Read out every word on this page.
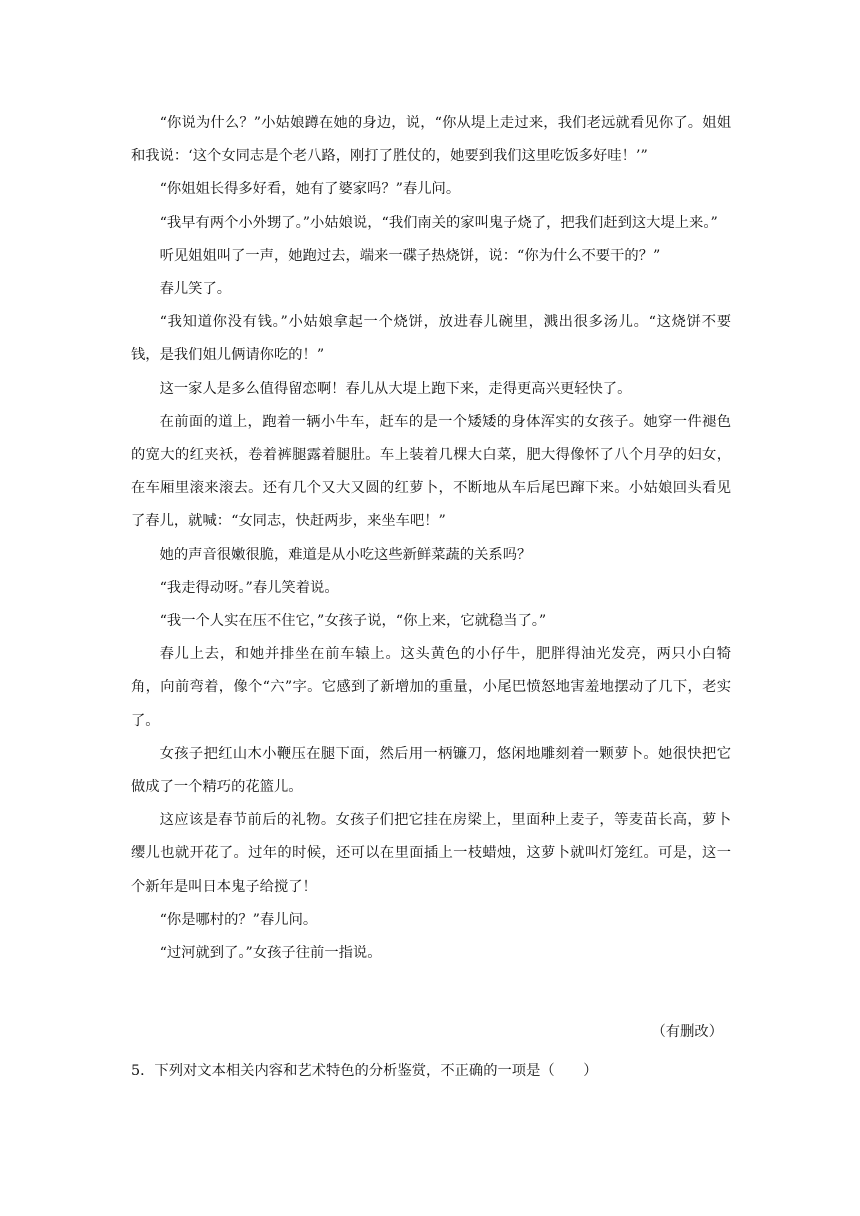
“你说为什么？”小姑娘蹲在她的身边，说，“你从堤上走过来，我们老远就看见你了。姐姐和我说：‘这个女同志是个老八路，刚打了胜仗的，她要到我们这里吃饭多好哇！’”

“你姐姐长得多好看，她有了婆家吗？”春儿问。

“我早有两个小外甥了。”小姑娘说，“我们南关的家叫鬼子烧了，把我们赶到这大堤上来。”

听见姐姐叫了一声，她跑过去，端来一碟子热烧饼，说：“你为什么不要干的？”

春儿笑了。

“我知道你没有钱。”小姑娘拿起一个烧饼，放进春儿碗里，溅出很多汤儿。“这烧饼不要钱，是我们姐儿俩请你吃的！”

这一家人是多么值得留恋啊！春儿从大堤上跑下来，走得更高兴更轻快了。

在前面的道上，跑着一辆小牛车，赶车的是一个矮矮的身体浑实的女孩子。她穿一件褪色的宽大的红夹袄，卷着裤腿露着腿肚。车上装着几棵大白菜，肥大得像怀了八个月孕的妇女，在车厢里滚来滚去。还有几个又大又圆的红萝卜，不断地从车后尾巴蹿下来。小姑娘回头看见了春儿，就喊：“女同志，快赶两步，来坐车吧！”

她的声音很嫩很脆，难道是从小吃这些新鲜菜蔬的关系吗？

“我走得动呀。”春儿笑着说。

“我一个人实在压不住它，”女孩子说，“你上来，它就稳当了。”

春儿上去，和她并排坐在前车辕上。这头黄色的小仔牛，肥胖得油光发亮，两只小白犄角，向前弯着，像个“六”字。它感到了新增加的重量，小尾巴愤怒地害羞地摆动了几下，老实了。

女孩子把红山木小鞭压在腿下面，然后用一柄镰刀，悠闲地雕刻着一颗萝卜。她很快把它做成了一个精巧的花篮儿。

这应该是春节前后的礼物。女孩子们把它挂在房梁上，里面种上麦子，等麦苗长高，萝卜缨儿也就开花了。过年的时候，还可以在里面插上一枝蜡烛，这萝卜就叫灯笼红。可是，这一个新年是叫日本鬼子给搅了！

“你是哪村的？”春儿问。

“过河就到了。”女孩子往前一指说。

（有删改）

5．下列对文本相关内容和艺术特色的分析鉴赏，不正确的一项是（　　）
